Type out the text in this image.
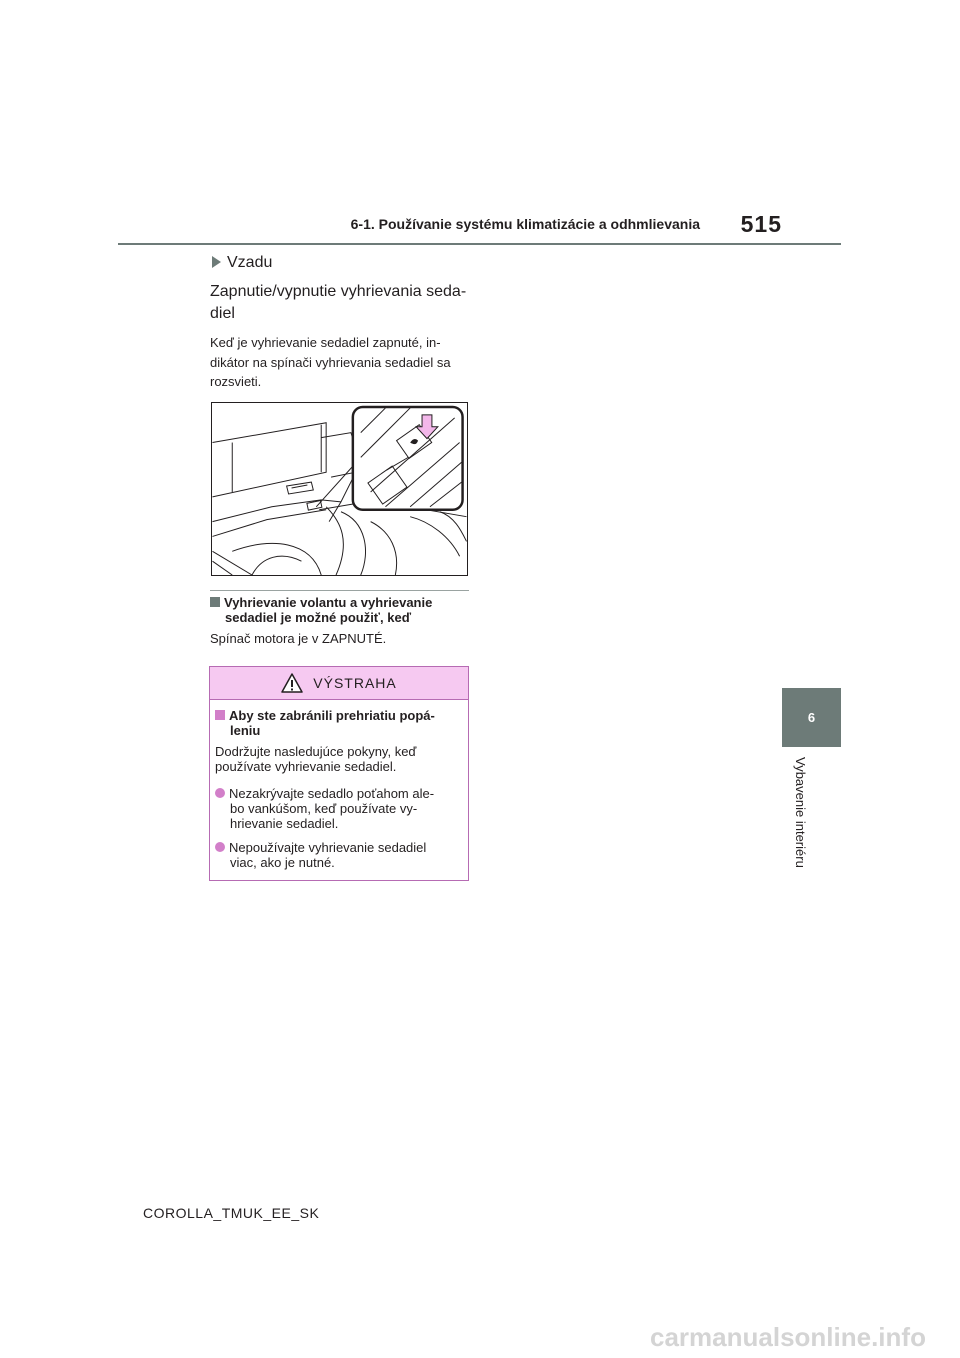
6-1. Používanie systému klimatizácie a odhmlievania	515
6
Vybavenie interiéru
Vzadu
Zapnutie/vypnutie vyhrievania seda-diel
Keď je vyhrievanie sedadiel zapnuté, in-dikátor na spínači vyhrievania sedadiel sa rozsvieti.
Vyhrievanie volantu a vyhrievanie
sedadiel je možné použiť, keď
Spínač motora je v ZAPNUTÉ.
VÝSTRAHA
Aby ste zabránili prehriatiu popá-
leniu
Dodržujte nasledujúce pokyny, keď používate vyhrievanie sedadiel.
Nezakrývajte sedadlo poťahom ale-
bo vankúšom, keď používate vy-
hrievanie sedadiel.
Nepoužívajte vyhrievanie sedadiel
viac, ako je nutné.
COROLLA_TMUK_EE_SK
carmanualsonline.info
